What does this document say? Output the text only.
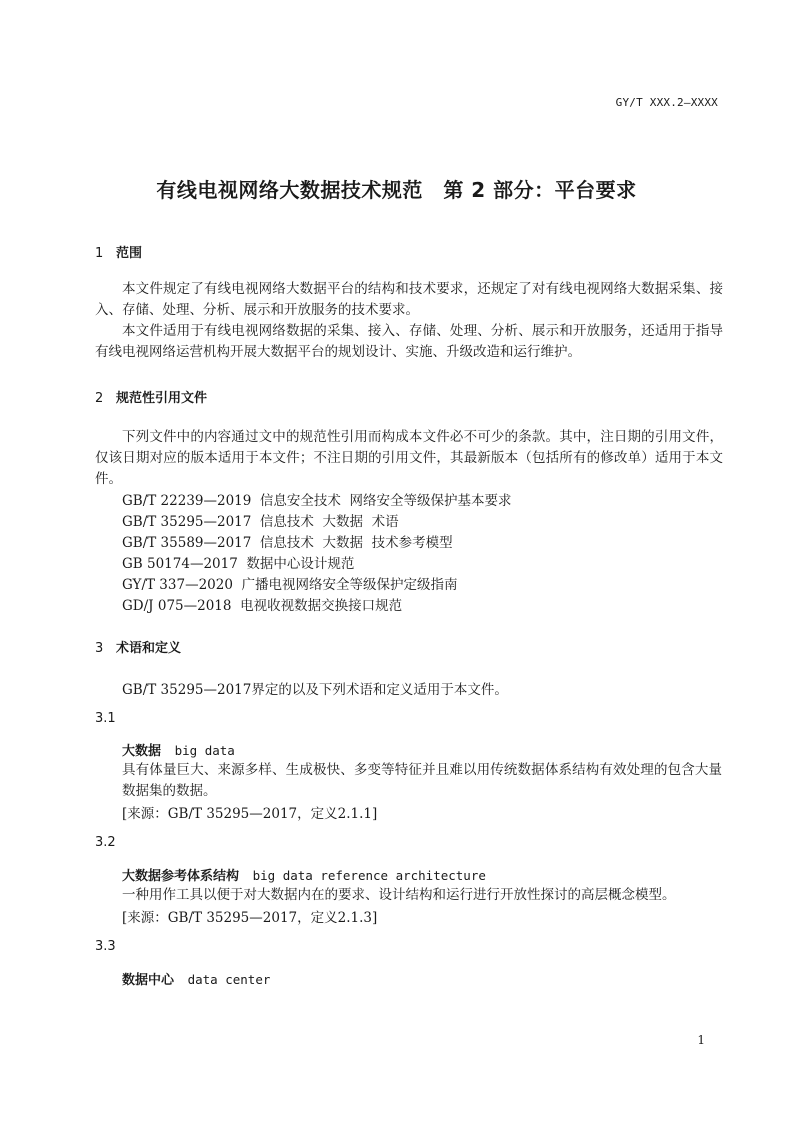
GY/T XXX.2—XXXX
有线电视网络大数据技术规范　第 2 部分：平台要求
1 范围
本文件规定了有线电视网络大数据平台的结构和技术要求，还规定了对有线电视网络大数据采集、接入、存储、处理、分析、展示和开放服务的技术要求。
本文件适用于有线电视网络数据的采集、接入、存储、处理、分析、展示和开放服务，还适用于指导有线电视网络运营机构开展大数据平台的规划设计、实施、升级改造和运行维护。
2 规范性引用文件
下列文件中的内容通过文中的规范性引用而构成本文件必不可少的条款。其中，注日期的引用文件，仅该日期对应的版本适用于本文件；不注日期的引用文件，其最新版本（包括所有的修改单）适用于本文件。
GB/T 22239—2019  信息安全技术  网络安全等级保护基本要求
GB/T 35295—2017  信息技术  大数据  术语
GB/T 35589—2017  信息技术  大数据  技术参考模型
GB 50174—2017  数据中心设计规范
GY/T 337—2020  广播电视网络安全等级保护定级指南
GD/J 075—2018  电视收视数据交换接口规范
3 术语和定义
GB/T 35295—2017界定的以及下列术语和定义适用于本文件。
3.1
大数据 big data
具有体量巨大、来源多样、生成极快、多变等特征并且难以用传统数据体系结构有效处理的包含大量数据集的数据。
[来源：GB/T 35295—2017，定义2.1.1]
3.2
大数据参考体系结构 big data reference architecture
一种用作工具以便于对大数据内在的要求、设计结构和运行进行开放性探讨的高层概念模型。
[来源：GB/T 35295—2017，定义2.1.3]
3.3
数据中心 data center
1
